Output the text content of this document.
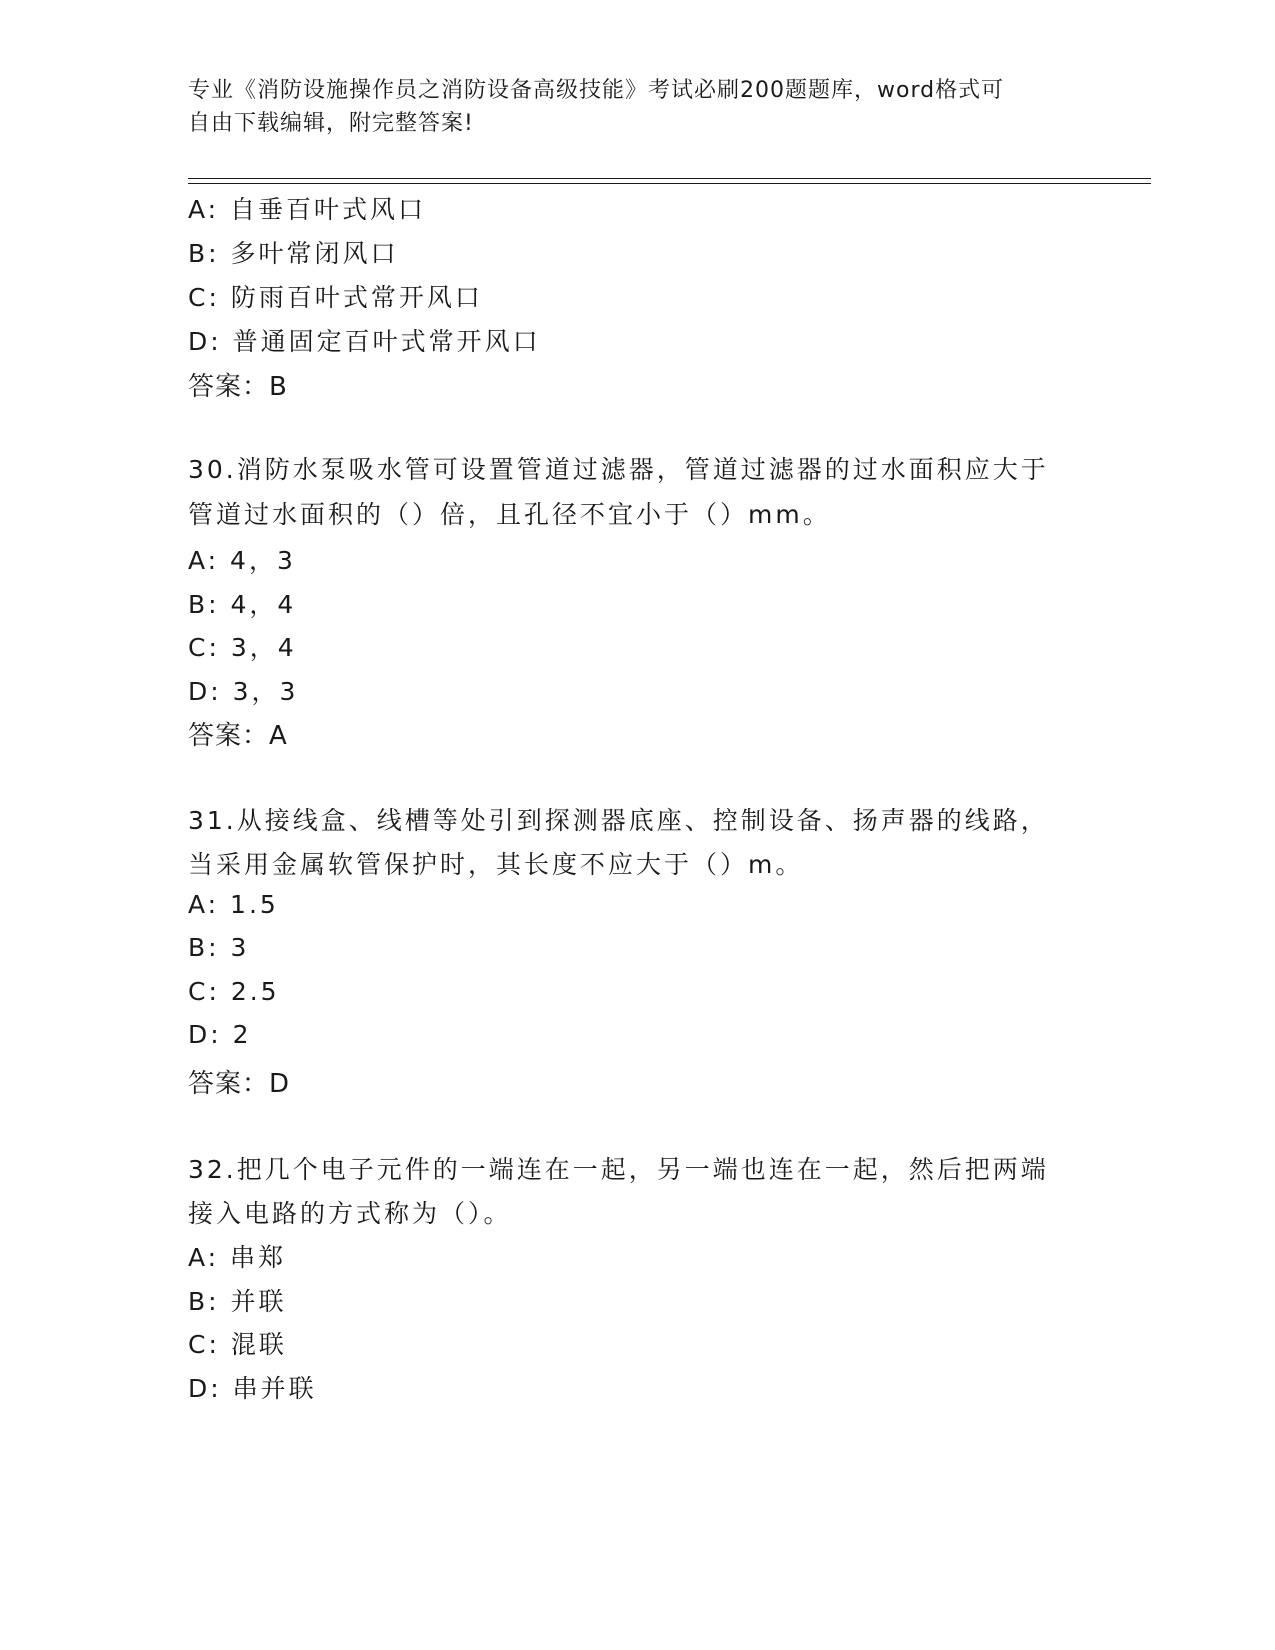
专业《消防设施操作员之消防设备高级技能》考试必刷200题题库，word格式可
自由下载编辑，附完整答案!
A: 自垂百叶式风口
B: 多叶常闭风口
C: 防雨百叶式常开风口
D: 普通固定百叶式常开风口
答案：B
30.消防水泵吸水管可设置管道过滤器，管道过滤器的过水面积应大于
管道过水面积的（）倍，且孔径不宜小于（）mm。
A: 4，3
B: 4，4
C: 3，4
D: 3，3
答案：A
31.从接线盒、线槽等处引到探测器底座、控制设备、扬声器的线路，
当采用金属软管保护时，其长度不应大于（）m。
A: 1.5
B: 3
C: 2.5
D: 2
答案：D
32.把几个电子元件的一端连在一起，另一端也连在一起，然后把两端
接入电路的方式称为（）。
A: 串郑
B: 并联
C: 混联
D: 串并联
